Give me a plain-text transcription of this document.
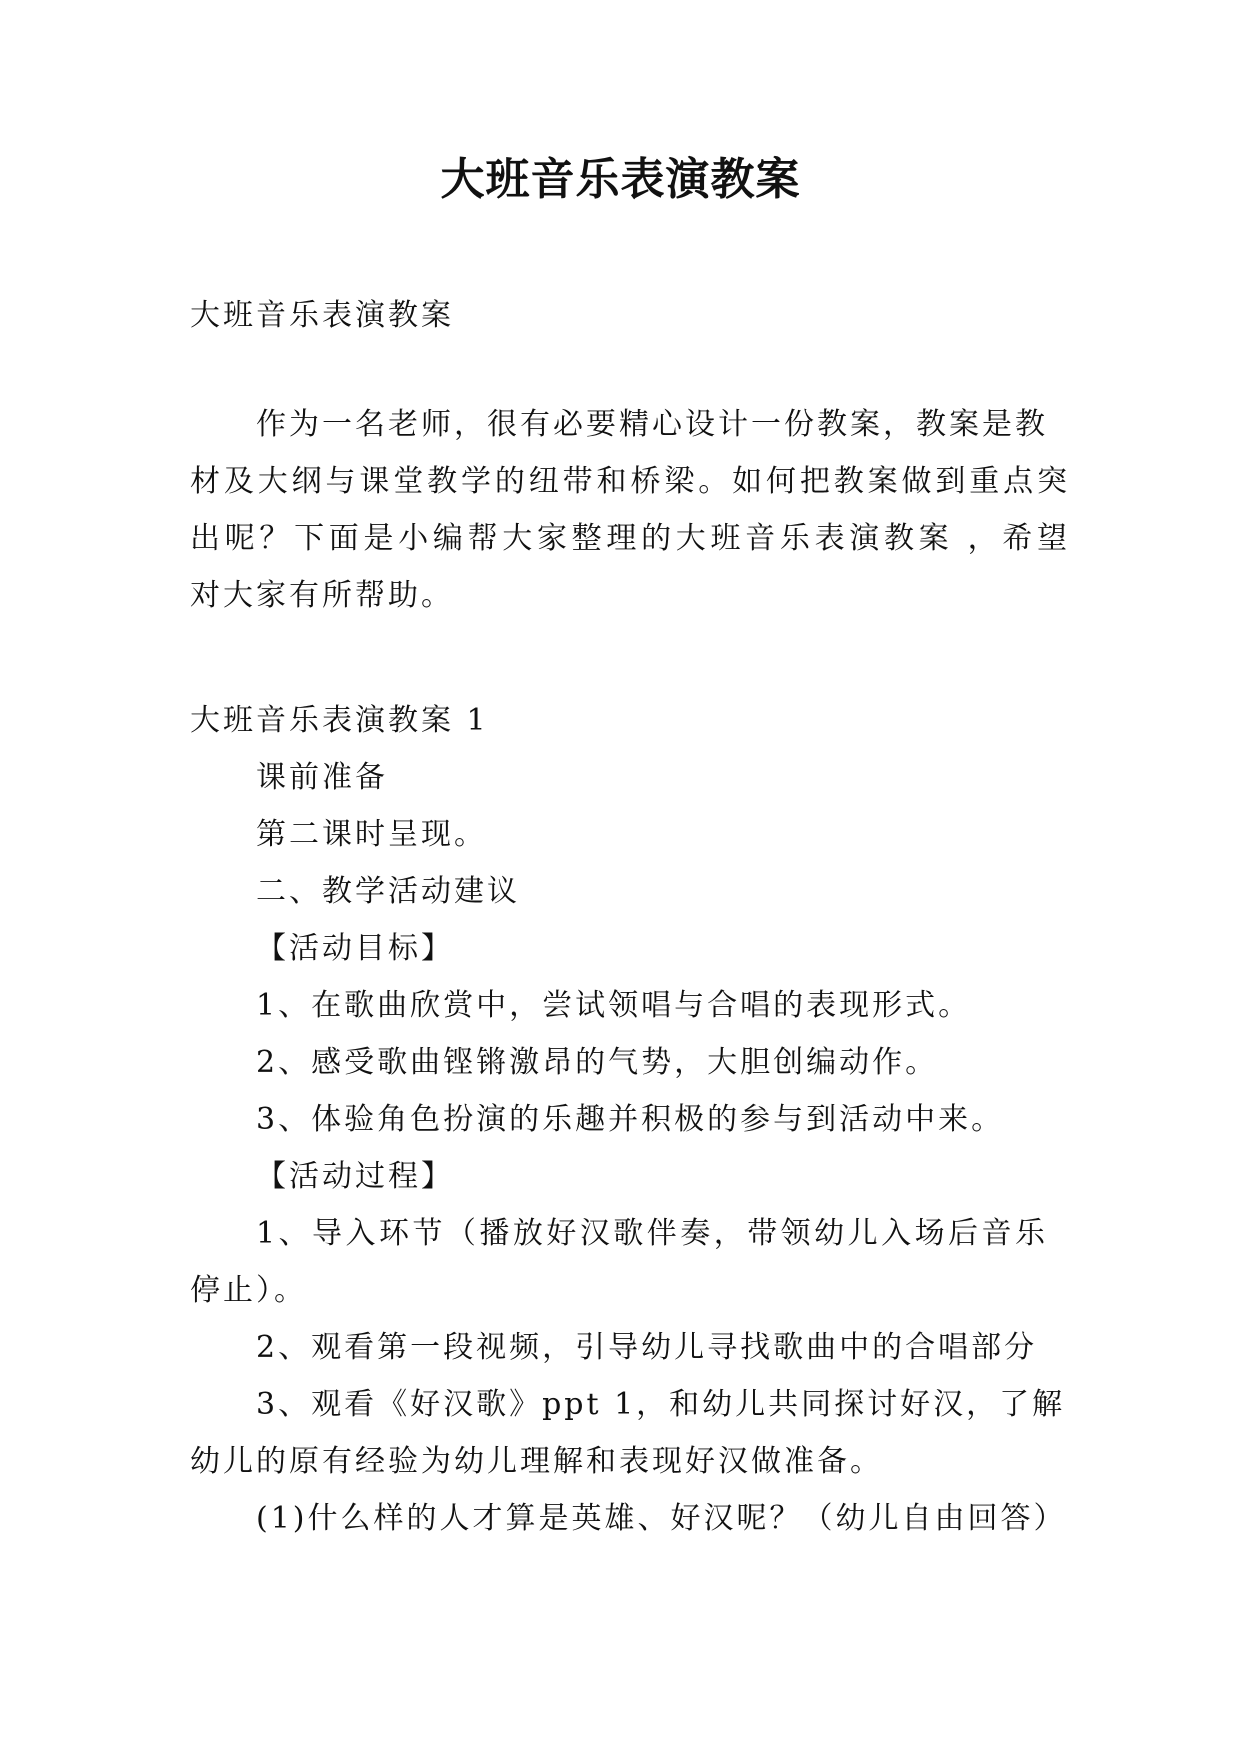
大班音乐表演教案
大班音乐表演教案
作为一名老师，很有必要精心设计一份教案，教案是教
材及大纲与课堂教学的纽带和桥梁。如何把教案做到重点突
出呢？下面是小编帮大家整理的大班音乐表演教案 ，希望
对大家有所帮助。
大班音乐表演教案 1
课前准备
第二课时呈现。
二、教学活动建议
【活动目标】
1、在歌曲欣赏中，尝试领唱与合唱的表现形式。
2、感受歌曲铿锵激昂的气势，大胆创编动作。
3、体验角色扮演的乐趣并积极的参与到活动中来。
【活动过程】
1、导入环节（播放好汉歌伴奏，带领幼儿入场后音乐
停止）。
2、观看第一段视频，引导幼儿寻找歌曲中的合唱部分
3、观看《好汉歌》ppt 1，和幼儿共同探讨好汉，了解
幼儿的原有经验为幼儿理解和表现好汉做准备。
(1)什么样的人才算是英雄、好汉呢？（幼儿自由回答）
